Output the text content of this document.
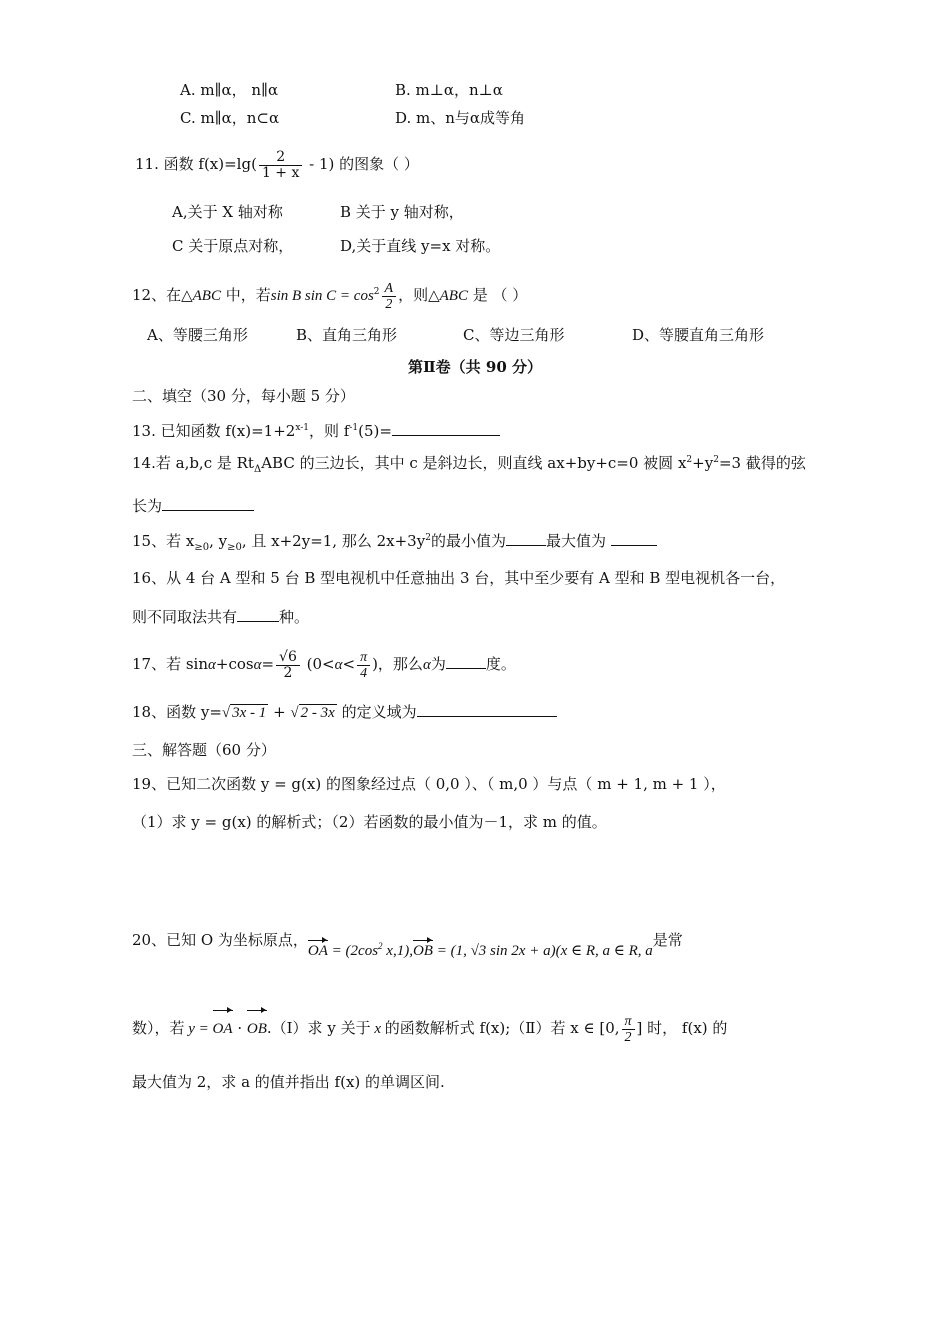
A. m∥α， n∥α	B. m⊥α，n⊥α
C. m∥α，n⊂α	D. m、n与α成等角
11. 函数 $f(x)=\lg( \frac{2}{1 + x} - 1)$ 的图象（ ）
A,关于 X 轴对称	B 关于 y 轴对称，
C 关于原点对称，	D,关于直线 y=x 对称。
12、在△ABC 中，若sin B $\sin C = \cos^2 \frac{A}{2}$ ，则△ABC 是 （ ）
A、等腰三角形	B、直角三角形	C、等边三角形	D、等腰直角三角形
第Ⅱ卷（共 90 分）
二、填空（30 分，每小题 5 分）
13. 已知函数 $f(x)=1+2^{x-1}$，则 $f^{-1}(5)=$
14.若 a,b,c 是 $Rt_\Delta ABC$ 的三边长，其中 c 是斜边长，则直线 ax+by+c=0 被圆 $x^2+y^2=3$ 截得的弦
长为
15、若 $x_{\ge 0}$, $y_{\ge 0}$, 且 x+2y=1, 那么 $2x+3y^2$的最小值为	最大值为
16、从 4 台 A 型和 5 台 B 型电视机中任意抽出 3 台，其中至少要有 A 型和 B 型电视机各一台，
则不同取法共有	种。
17、若 $\sin\alpha+\cos\alpha= \frac{√6}{2} (0<\alpha< \frac{\pi}{4}$ )，那么α为	度。
18、函数 y=√ 3x - 1 + √ 2 - 3x 的定义域为
三、解答题（60 分）
19、已知二次函数 y = g(x) 的图象经过点（ 0,0 ）、（ m,0 ）与点（ m + 1, m + 1 ），
（1）求 y = g(x) 的解析式；（2）若函数的最小值为－1，求 m 的值。
20、已知 O 为坐标原点，OA = ($2\cos^2$ x,1),OB = (1, √3 sin 2x + a)(x ∈ R, a ∈ R, a是常
数），若 y = OA · OB.（Ⅰ）求 y 关于 x 的函数解析式 f(x);（Ⅱ）若 x ∈ [0, $\frac{\pi}{2}$ ] 时， f(x) 的
最大值为 2，求 a 的值并指出 f(x) 的单调区间.
